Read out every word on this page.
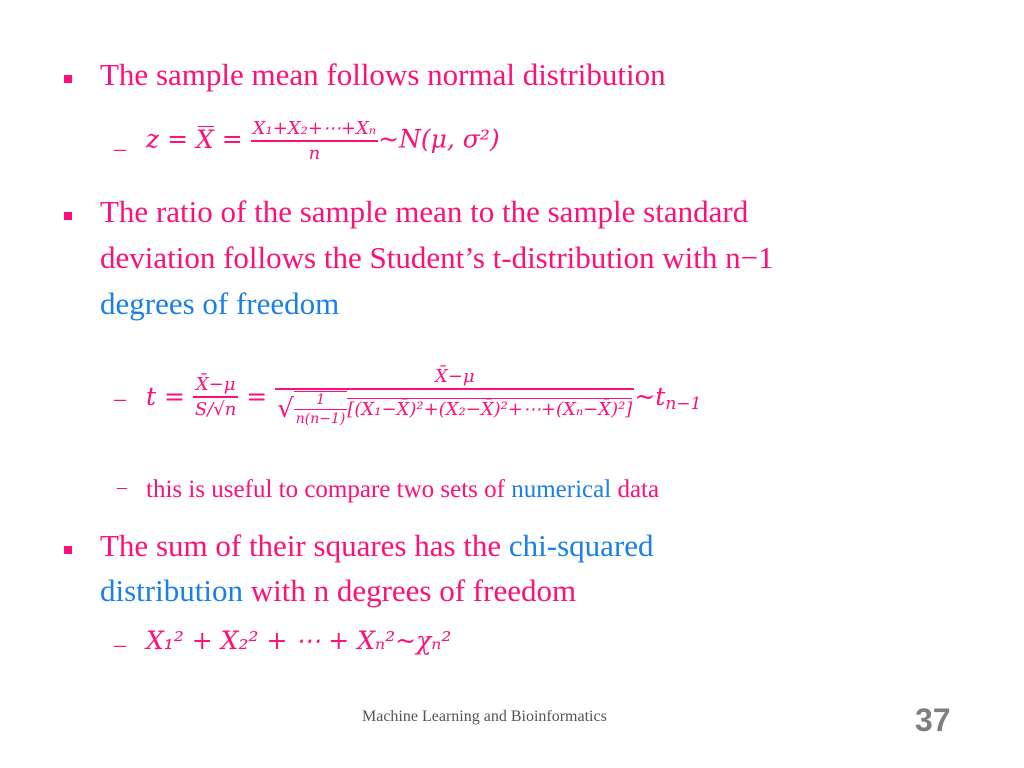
The sample mean follows normal distribution
– $z = X = \frac{\text{X₁+X₂+⋯+Xₙ}}{n}$ ~N(μ, σ²)
The ratio of the sample mean to the sample standard
deviation follows the Student’s t-distribution with n−1
degrees of freedom
– $t = \frac{X̄-\mu}{S/√n}$ =
X̄−μ
√ $\frac{1}{n(n-1)}$ [(X₁−X̄)²+(X₂−X̄)²+⋯+(Xₙ−X̄)²] $\sim t_{n-1}$
– this is useful to compare two sets of numerical data
The sum of their squares has the chi-squared
distribution with n degrees of freedom
– X₁² + X₂² + ⋯ + Xₙ²~χₙ²
Machine Learning and Bioinformatics	37
